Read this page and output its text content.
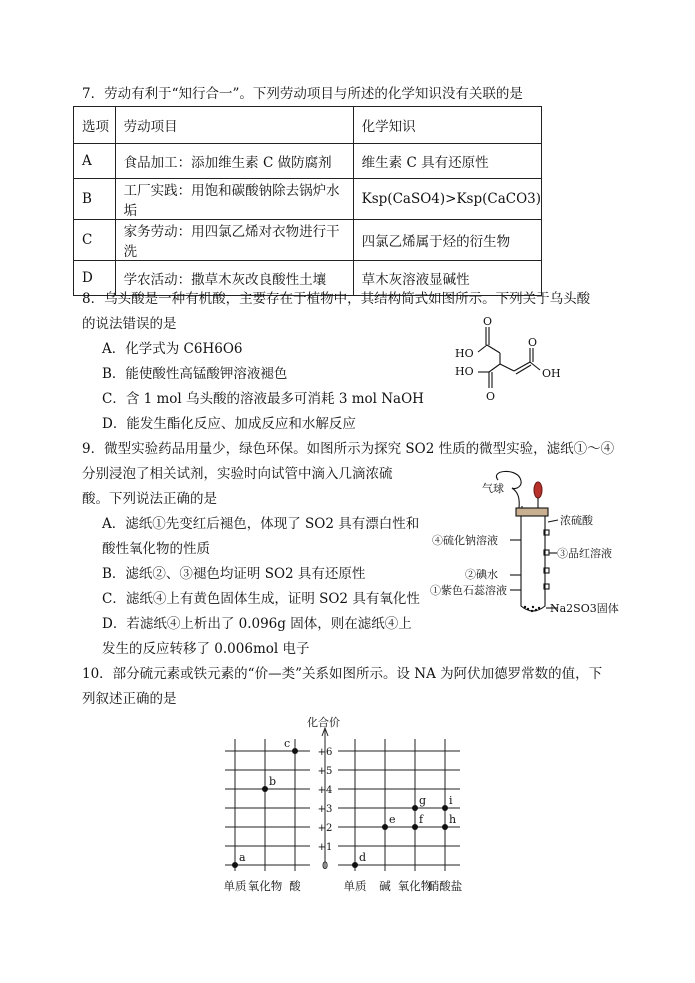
7．劳动有利于“知行合一”。下列劳动项目与所述的化学知识没有关联的是
选项	劳动项目	化学知识
A	食品加工：添加维生素 C 做防腐剂	维生素 C 具有还原性
B	工厂实践：用饱和碳酸钠除去锅炉水垢	Ksp(CaSO4)>Ksp(CaCO3)
C	家务劳动：用四氯乙烯对衣物进行干洗	四氯乙烯属于烃的衍生物
D	学农活动：撒草木灰改良酸性土壤	草木灰溶液显碱性
8．乌头酸是一种有机酸，主要存在于植物中，其结构简式如图所示。下列关于乌头酸
的说法错误的是
A．化学式为 C6H6O6
B．能使酸性高锰酸钾溶液褪色
C．含 1 mol 乌头酸的溶液最多可消耗 3 mol NaOH
D．能发生酯化反应、加成反应和水解反应
O
HO
O
OH
HO
O
9．微型实验药品用量少，绿色环保。如图所示为探究 SO2 性质的微型实验，滤纸①～④
分别浸泡了相关试剂，实验时向试管中滴入几滴浓硫
酸。下列说法正确的是
A．滤纸①先变红后褪色，体现了 SO2 具有漂白性和
酸性氧化物的性质
B．滤纸②、③褪色均证明 SO2 具有还原性
C．滤纸④上有黄色固体生成，证明 SO2 具有氧化性
D．若滤纸④上析出了 0.096g 固体，则在滤纸④上
发生的反应转移了 0.006mol 电子
气球
浓硫酸
④硫化钠溶液
③品红溶液
②碘水
①紫色石蕊溶液
Na2SO3固体
10．部分硫元素或铁元素的“价—类”关系如图所示。设 NA 为阿伏加德罗常数的值，下
列叙述正确的是
+6
+5
+4
+3
+2
+1
0
单质 氧化物 酸	单质 碱 氧化物
硝酸盐
a
b
c
d
e f
g
h
i
化合价
